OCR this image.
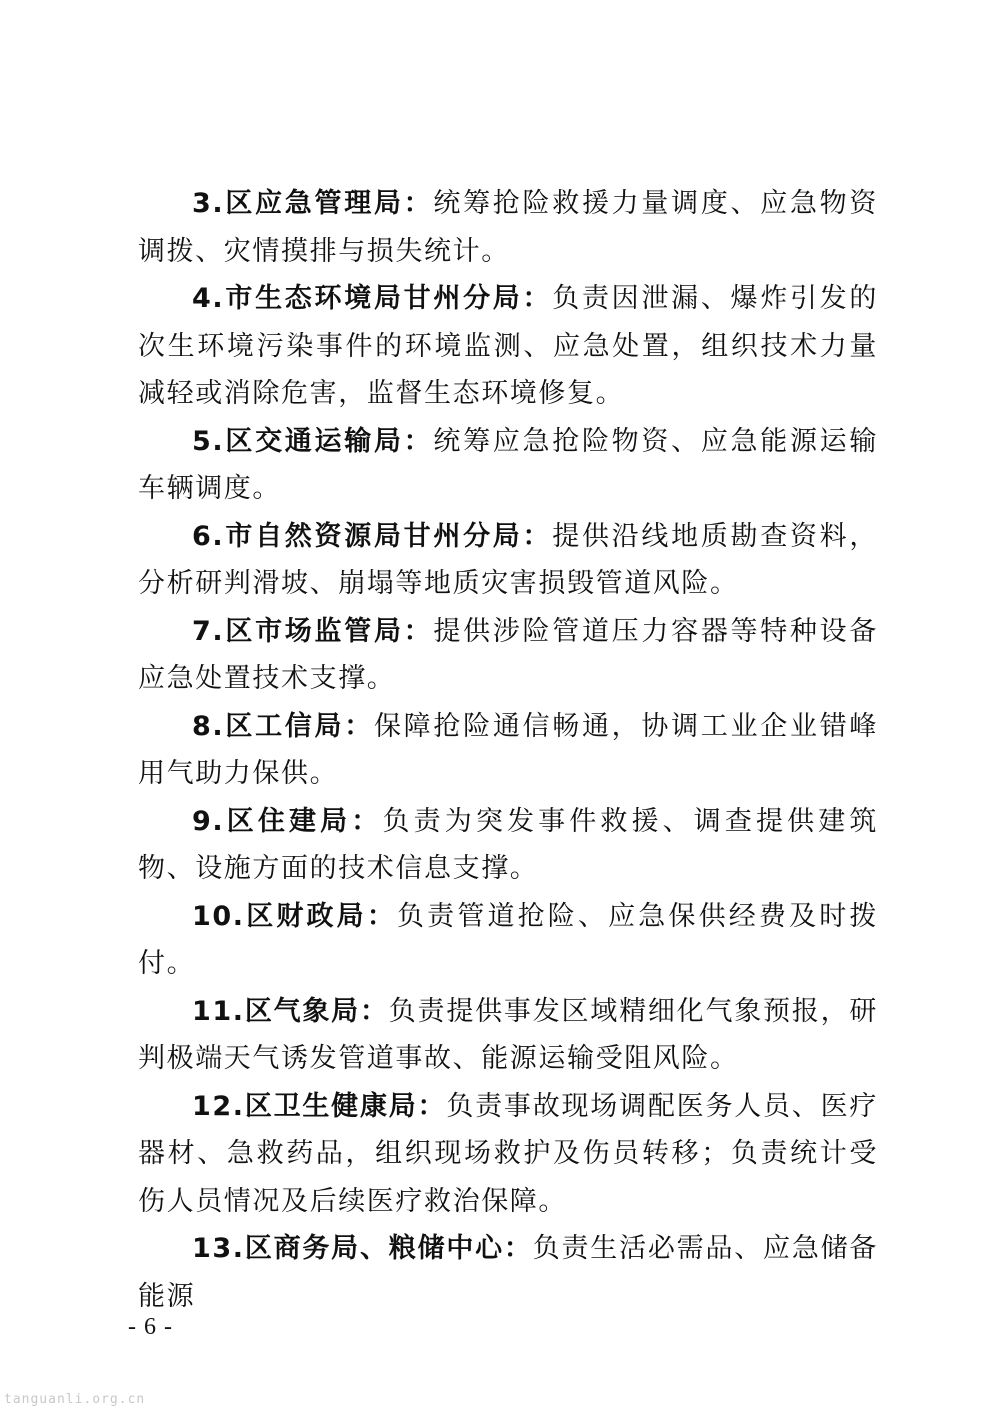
3.区应急管理局：统筹抢险救援力量调度、应急物资调拨、灾情摸排与损失统计。

4.市生态环境局甘州分局：负责因泄漏、爆炸引发的次生环境污染事件的环境监测、应急处置，组织技术力量减轻或消除危害，监督生态环境修复。

5.区交通运输局：统筹应急抢险物资、应急能源运输车辆调度。

6.市自然资源局甘州分局：提供沿线地质勘查资料，分析研判滑坡、崩塌等地质灾害损毁管道风险。

7.区市场监管局：提供涉险管道压力容器等特种设备应急处置技术支撑。

8.区工信局：保障抢险通信畅通，协调工业企业错峰用气助力保供。

9.区住建局：负责为突发事件救援、调查提供建筑物、设施方面的技术信息支撑。

10.区财政局：负责管道抢险、应急保供经费及时拨付。

11.区气象局：负责提供事发区域精细化气象预报，研判极端天气诱发管道事故、能源运输受阻风险。

12.区卫生健康局：负责事故现场调配医务人员、医疗器材、急救药品，组织现场救护及伤员转移；负责统计受伤人员情况及后续医疗救治保障。

13.区商务局、粮储中心：负责生活必需品、应急储备能源

- 6 -
tanguanli.org.cn
